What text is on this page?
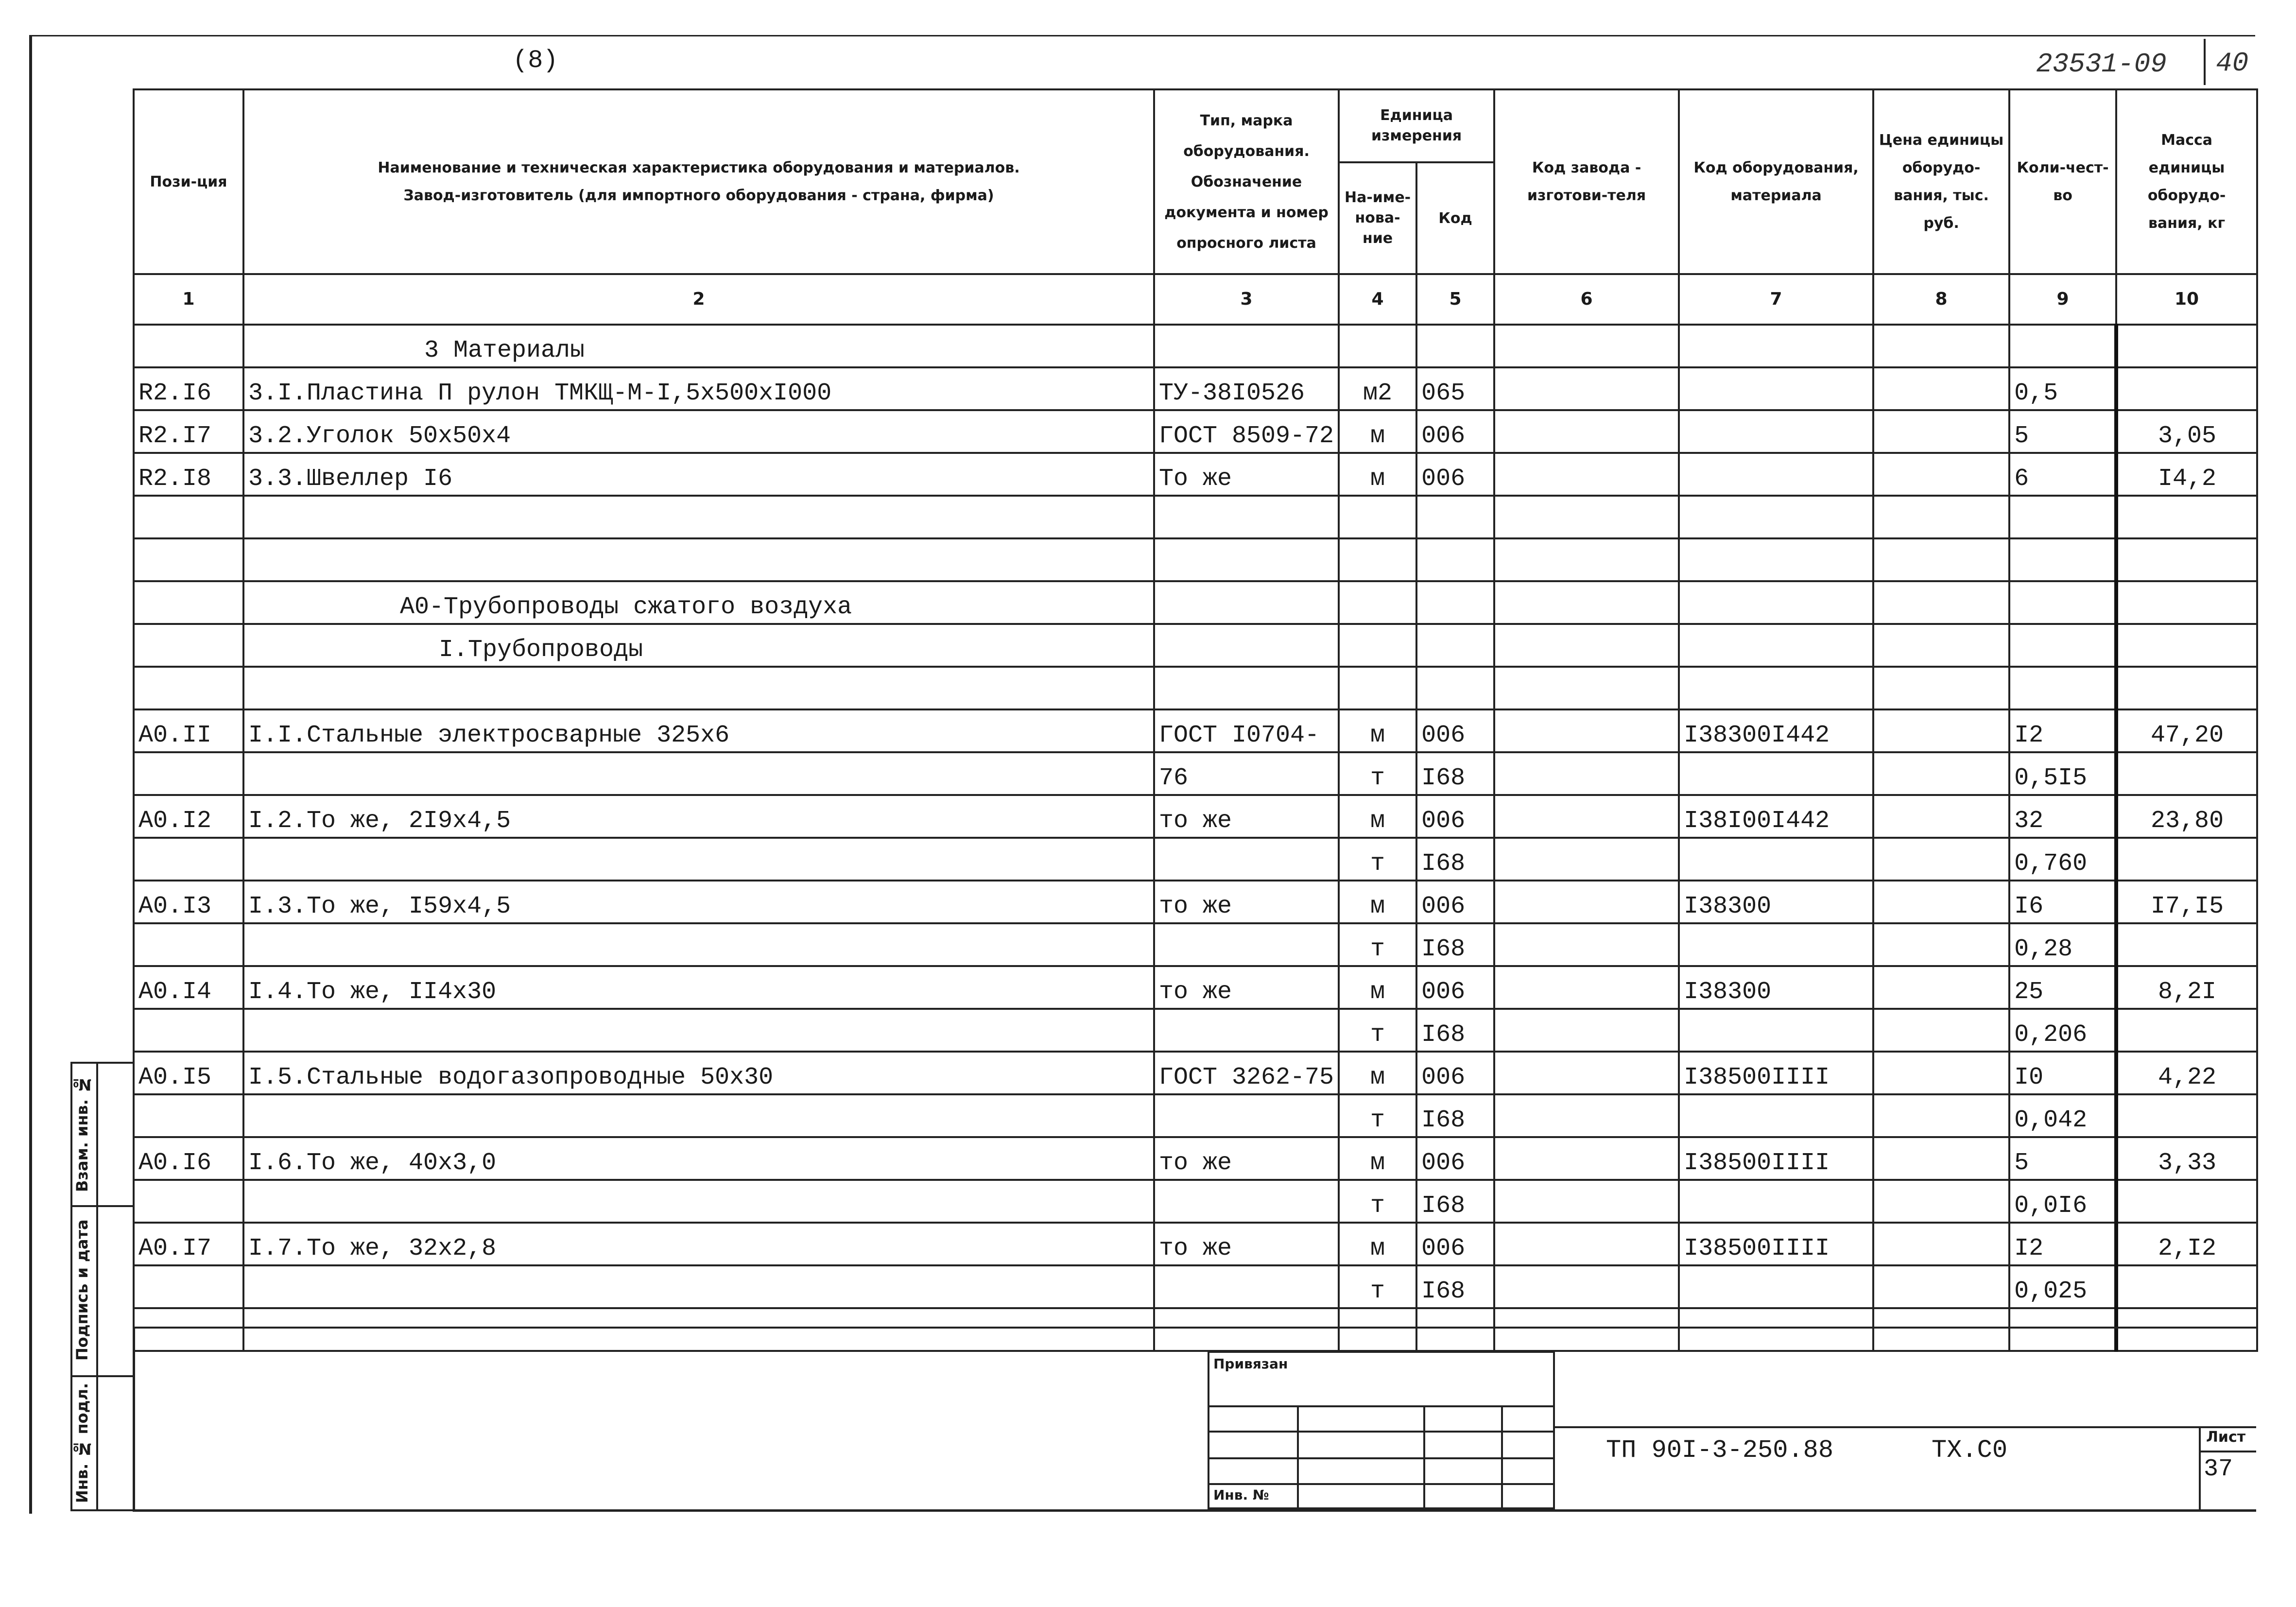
(8)	23531-09 40
Пози-ция	Наименование и техническая характеристика оборудования и материалов.
Завод-изготовитель (для импортного оборудования - страна, фирма)	Тип, марка оборудования. Обозначение документа и номер опросного листа	Единица измерения		Код завода - изготови-теля	Код оборудования, материала	Цена единицы оборудо-вания, тыс. руб.	Коли-чест-во	Масса единицы оборудо-вания, кг
			На-име-нова-ние	Код					
1	2	3	4	5	6	7	8	9	10
	3 Материалы								
R2.I6	3.I.Пластина П рулон ТМКЩ-М-I,5х500хI000	ТУ-38I0526	м2	065				0,5	
R2.I7	3.2.Уголок 50х50х4	ГОСТ 8509-72	м	006				5	3,05
R2.I8	3.3.Швеллер I6	То же	м	006				6	I4,2

	А0-Трубопроводы сжатого воздуха								
	I.Трубопроводы								

А0.II	I.I.Стальные электросварные 325х6	ГОСТ I0704-	м	006		I38300I442		I2	47,20
		76	т	I68				0,5I5	
А0.I2	I.2.То же, 2I9х4,5	то же	м	006		I38I00I442		32	23,80
			т	I68				0,760	
А0.I3	I.3.То же, I59х4,5	то же	м	006		I38300		I6	I7,I5
			т	I68				0,28	
А0.I4	I.4.То же, II4х30	то же	м	006		I38300		25	8,2I
			т	I68				0,206	
А0.I5	I.5.Стальные водогазопроводные 50х30	ГОСТ 3262-75	м	006		I38500IIII		I0	4,22
			т	I68				0,042	
А0.I6	I.6.То же, 40х3,0	то же	м	006		I38500IIII		5	3,33
			т	I68				0,0I6	
А0.I7	I.7.То же, 32х2,8	то же	м	006		I38500IIII		I2	2,I2
			т	I68				0,025	

Взам. инв. №
Подпись и дата
Инв. № подл.
Привязан
Инв. №
ТП 90I-3-250.88	ТХ.С0	Лист
37
